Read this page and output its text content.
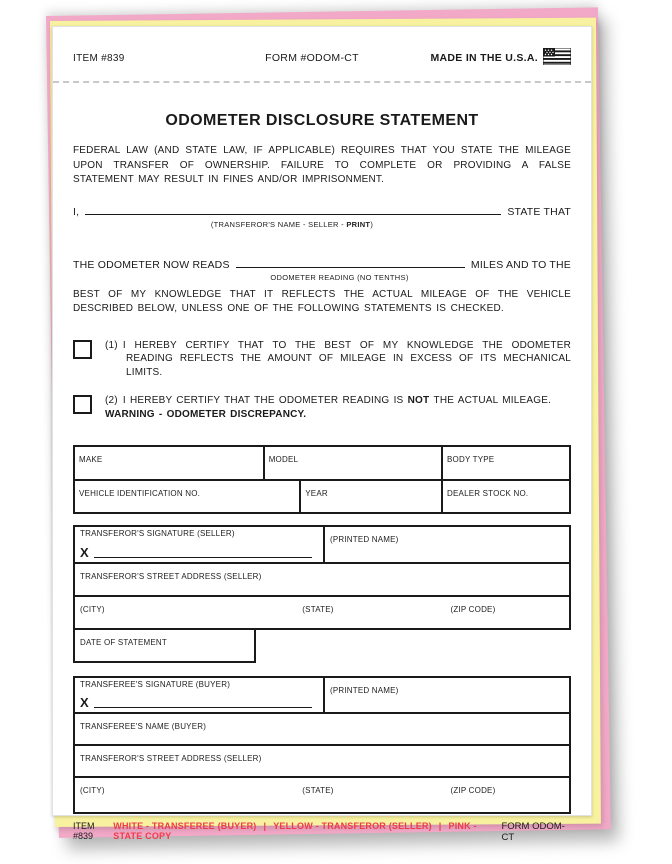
ITEM #839	FORM #ODOM-CT	MADE IN THE U.S.A.
ODOMETER DISCLOSURE STATEMENT
FEDERAL LAW (AND STATE LAW, IF APPLICABLE) REQUIRES THAT YOU STATE THE MILEAGE UPON TRANSFER OF OWNERSHIP. FAILURE TO COMPLETE OR PROVIDING A FALSE STATEMENT MAY RESULT IN FINES AND/OR IMPRISONMENT.
I,	STATE THAT
(TRANSFEROR'S NAME - SELLER - PRINT)
THE ODOMETER NOW READS	MILES AND TO THE
ODOMETER READING (NO TENTHS)
BEST OF MY KNOWLEDGE THAT IT REFLECTS THE ACTUAL MILEAGE OF THE VEHICLE DESCRIBED BELOW, UNLESS ONE OF THE FOLLOWING STATEMENTS IS CHECKED.
(1) I HEREBY CERTIFY THAT TO THE BEST OF MY KNOWLEDGE THE ODOMETER READING REFLECTS THE AMOUNT OF MILEAGE IN EXCESS OF ITS MECHANICAL LIMITS.
(2) I HEREBY CERTIFY THAT THE ODOMETER READING IS NOT THE ACTUAL MILEAGE.
WARNING - ODOMETER DISCREPANCY.
MAKE	MODEL	BODY TYPE
VEHICLE IDENTIFICATION NO.	YEAR	DEALER STOCK NO.
TRANSFEROR'S SIGNATURE (SELLER)
X
(PRINTED NAME)
TRANSFEROR'S STREET ADDRESS (SELLER)
(CITY)	(STATE)	(ZIP CODE)
DATE OF STATEMENT
TRANSFEREE'S SIGNATURE (BUYER)
X
(PRINTED NAME)
TRANSFEREE'S NAME (BUYER)
TRANSFEROR'S STREET ADDRESS (SELLER)
(CITY)	(STATE)	(ZIP CODE)
ITEM #839
WHITE - TRANSFEREE (BUYER) | YELLOW - TRANSFEROR (SELLER) | PINK - STATE COPY
FORM ODOM-CT
